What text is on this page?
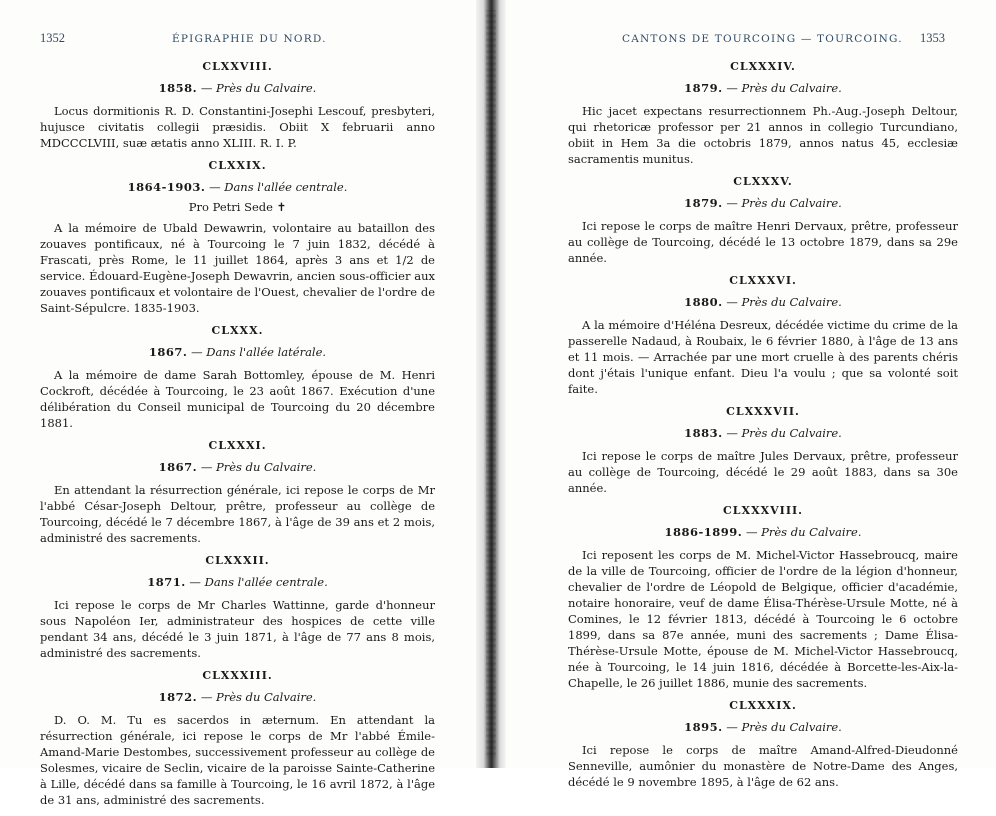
1352	ÉPIGRAPHIE DU NORD.
CLXXVIII.
1858. — Près du Calvaire.

Locus dormitionis R. D. Constantini-Josephi Lescouf, presbyteri, hujusce civitatis collegii præsidis. Obiit X februarii anno MDCCCLVIII, suæ ætatis anno XLIII. R. I. P.

CLXXIX.
1864-1903. — Dans l'allée centrale.
Pro Petri Sede ✝

A la mémoire de Ubald Dewawrin, volontaire au bataillon des zouaves pontificaux, né à Tourcoing le 7 juin 1832, décédé à Frascati, près Rome, le 11 juillet 1864, après 3 ans et 1/2 de service. Édouard-Eugène-Joseph Dewavrin, ancien sous-officier aux zouaves pontificaux et volontaire de l'Ouest, chevalier de l'ordre de Saint-Sépulcre. 1835-1903.

CLXXX.
1867. — Dans l'allée latérale.

A la mémoire de dame Sarah Bottomley, épouse de M. Henri Cockroft, décédée à Tourcoing, le 23 août 1867. Exécution d'une délibération du Conseil municipal de Tourcoing du 20 décembre 1881.

CLXXXI.
1867. — Près du Calvaire.

En attendant la résurrection générale, ici repose le corps de Mr l'abbé César-Joseph Deltour, prêtre, professeur au collège de Tourcoing, décédé le 7 décembre 1867, à l'âge de 39 ans et 2 mois, administré des sacrements.

CLXXXII.
1871. — Dans l'allée centrale.

Ici repose le corps de Mr Charles Wattinne, garde d'honneur sous Napoléon Ier, administrateur des hospices de cette ville pendant 34 ans, décédé le 3 juin 1871, à l'âge de 77 ans 8 mois, administré des sacrements.

CLXXXIII.
1872. — Près du Calvaire.

D. O. M. Tu es sacerdos in æternum. En attendant la résurrection générale, ici repose le corps de Mr l'abbé Émile-Amand-Marie Destombes, successivement professeur au collège de Solesmes, vicaire de Seclin, vicaire de la paroisse Sainte-Catherine à Lille, décédé dans sa famille à Tourcoing, le 16 avril 1872, à l'âge de 31 ans, administré des sacrements.

CANTONS DE TOURCOING — TOURCOING. 1353
CLXXXIV.
1879. — Près du Calvaire.

Hic jacet expectans resurrectionnem Ph.-Aug.-Joseph Deltour, qui rhetoricæ professor per 21 annos in collegio Turcundiano, obiit in Hem 3a die octobris 1879, annos natus 45, ecclesiæ sacramentis munitus.

CLXXXV.
1879. — Près du Calvaire.

Ici repose le corps de maître Henri Dervaux, prêtre, professeur au collège de Tourcoing, décédé le 13 octobre 1879, dans sa 29e année.

CLXXXVI.
1880. — Près du Calvaire.

A la mémoire d'Héléna Desreux, décédée victime du crime de la passerelle Nadaud, à Roubaix, le 6 février 1880, à l'âge de 13 ans et 11 mois. — Arrachée par une mort cruelle à des parents chéris dont j'étais l'unique enfant. Dieu l'a voulu ; que sa volonté soit faite.

CLXXXVII.
1883. — Près du Calvaire.

Ici repose le corps de maître Jules Dervaux, prêtre, professeur au collège de Tourcoing, décédé le 29 août 1883, dans sa 30e année.

CLXXXVIII.
1886-1899. — Près du Calvaire.

Ici reposent les corps de M. Michel-Victor Hassebroucq, maire de la ville de Tourcoing, officier de l'ordre de la légion d'honneur, chevalier de l'ordre de Léopold de Belgique, officier d'académie, notaire honoraire, veuf de dame Élisa-Thérèse-Ursule Motte, né à Comines, le 12 février 1813, décédé à Tourcoing le 6 octobre 1899, dans sa 87e année, muni des sacrements ; Dame Élisa-Thérèse-Ursule Motte, épouse de M. Michel-Victor Hassebroucq, née à Tourcoing, le 14 juin 1816, décédée à Borcette-les-Aix-la-Chapelle, le 26 juillet 1886, munie des sacrements.

CLXXXIX.
1895. — Près du Calvaire.

Ici repose le corps de maître Amand-Alfred-Dieudonné Senneville, aumônier du monastère de Notre-Dame des Anges, décédé le 9 novembre 1895, à l'âge de 62 ans.
